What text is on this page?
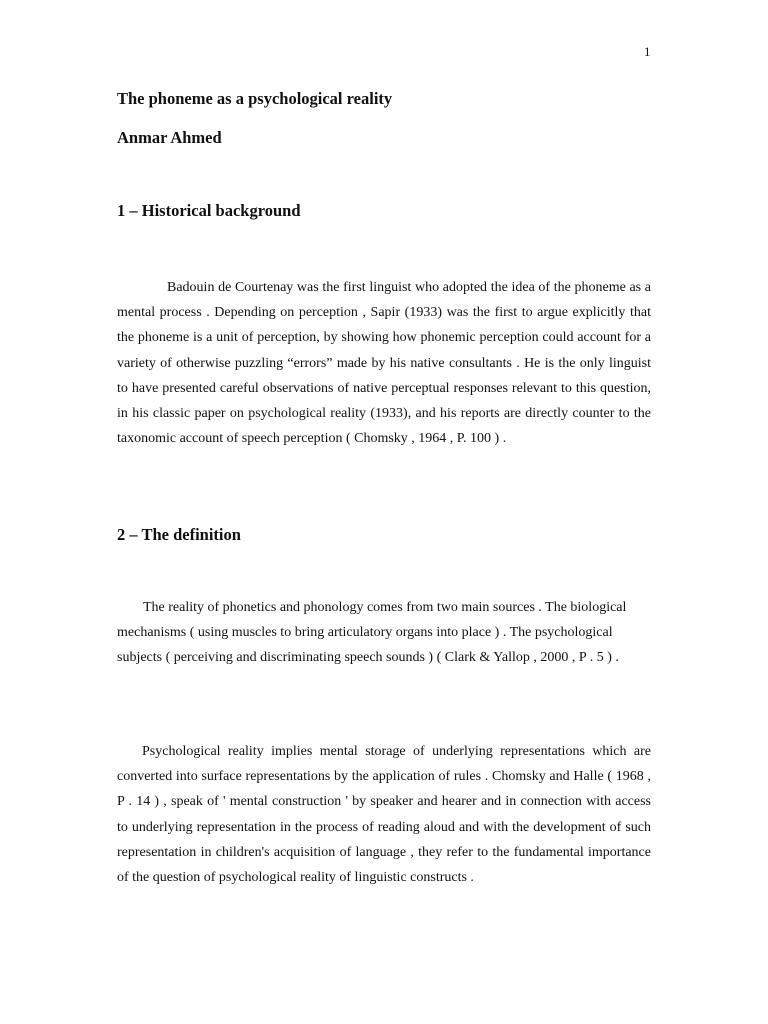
1
The phoneme as a psychological reality
Anmar Ahmed
1 – Historical background

Badouin de Courtenay was the first linguist who adopted the idea of the phoneme as a mental process . Depending on perception , Sapir (1933) was the first to argue explicitly that the phoneme is a unit of perception, by showing how phonemic perception could account for a variety of otherwise puzzling “errors” made by his native consultants . He is the only linguist to have presented careful observations of native perceptual responses relevant to this question, in his classic paper on psychological reality (1933), and his reports are directly counter to the taxonomic account of speech perception ( Chomsky , 1964 , P. 100 ) .

2 – The definition

The reality of phonetics and phonology comes from two main sources . The biological mechanisms ( using muscles to bring articulatory organs into place ) . The psychological subjects ( perceiving and discriminating speech sounds ) ( Clark & Yallop , 2000 , P . 5 ) .

Psychological reality implies mental storage of underlying representations which are converted into surface representations by the application of rules . Chomsky and Halle ( 1968 , P . 14 ) , speak of ' mental construction ' by speaker and hearer and in connection with access to underlying representation in the process of reading aloud and with the development of such representation in children's acquisition of language , they refer to the fundamental importance of the question of psychological reality of linguistic constructs .
